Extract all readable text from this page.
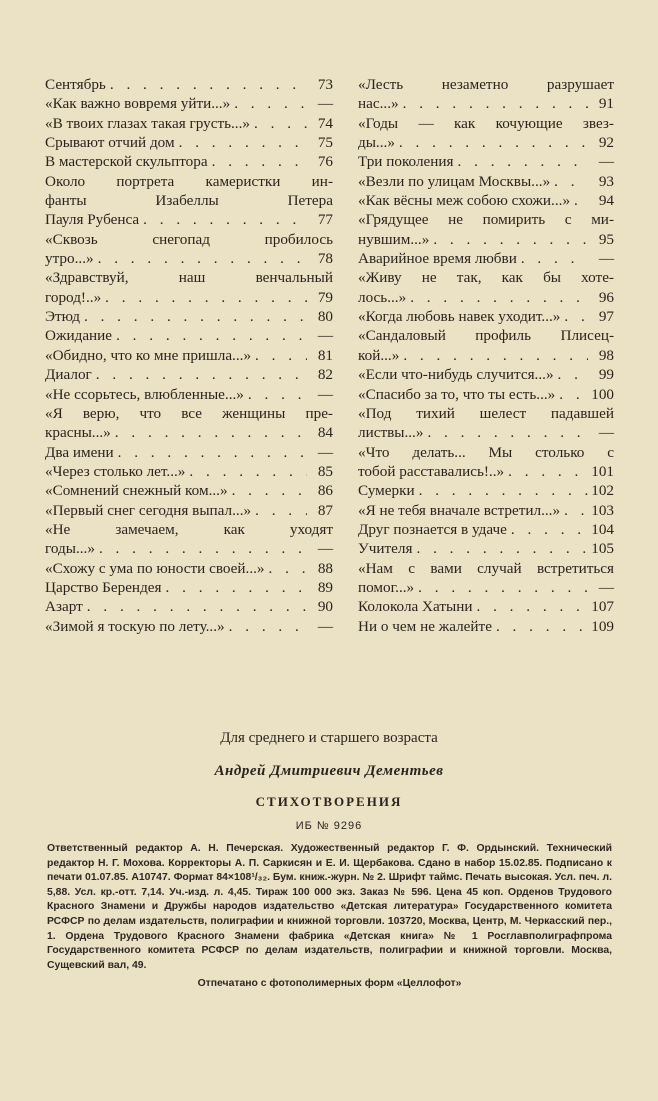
Сентябрь . . .	73
«Как важно вовремя уйти...» . . .	—
«В твоих глазах такая грусть...» . . .	74
Срывают отчий дом . . .	75
В мастерской скульптора . . .	76
Около портрета камеристки ин-
фанты Изабеллы Петера
Пауля Рубенса . . .	77
«Сквозь снегопад пробилось
утро...» . . .	78
«Здравствуй, наш венчальный
город!..» . . .	79
Этюд . . .	80
Ожидание . . .	—
«Обидно, что ко мне пришла...» . . .	81
Диалог . . .	82
«Не ссорьтесь, влюбленные...» . . .	—
«Я верю, что все женщины пре-
красны...» . . .	84
Два имени . . .	—
«Через столько лет...» . . .	85
«Сомнений снежный ком...» . . .	86
«Первый снег сегодня выпал...» . . .	87
«Не замечаем, как уходят
годы...» . . .	—
«Схожу с ума по юности своей...» . . .	88
Царство Берендея . . .	89
Азарт . . .	90
«Зимой я тоскую по лету...» . . .	—
«Лесть незаметно разрушает
нас...» . . .	91
«Годы — как кочующие звез-
ды...» . . .	92
Три поколения . . .	—
«Везли по улицам Москвы...» . . .	93
«Как вёсны меж собою схожи...» . . .	94
«Грядущее не помирить с ми-
нувшим...» . . .	95
Аварийное время любви . . .	—
«Живу не так, как бы хоте-
лось...» . . .	96
«Когда любовь навек уходит...» . . .	97
«Сандаловый профиль Плисец-
кой...» . . .	98
«Если что-нибудь случится...» . . .	99
«Спасибо за то, что ты есть...» . . . 100
«Под тихий шелест падавшей
листвы...» . . .	—
«Что делать... Мы столько с
тобой расставались!..» . . .	101
Сумерки . . .	102
«Я не тебя вначале встретил...» . . . 103
Друг познается в удаче . . .	104
Учителя . . .	105
«Нам с вами случай встретиться
помог...» . . .	—
Колокола Хатыни . . .	107
Ни о чем не жалейте . . .	109
Для среднего и старшего возраста
Андрей Дмитриевич Дементьев
СТИХОТВОРЕНИЯ
ИБ № 9296
Ответственный редактор А. Н. Печерская. Художественный редактор Г. Ф. Ордынский. Технический редактор Н. Г. Мохова. Корректоры А. П. Саркисян и Е. И. Щербакова. Сдано в набор 15.02.85. Подписано к печати 01.07.85. А10747. Формат 84×108¹/₃₂. Бум. книж.-журн. № 2. Шрифт таймс. Печать высокая. Усл. печ. л. 5,88. Усл. кр.-отт. 7,14. Уч.-изд. л. 4,45. Тираж 100 000 экз. Заказ № 596. Цена 45 коп. Орденов Трудового Красного Знамени и Дружбы народов издательство «Детская литература» Государственного комитета РСФСР по делам издательств, полиграфии и книжной торговли. 103720, Москва, Центр, М. Черкасский пер., 1. Ордена Трудового Красного Знамени фабрика «Детская книга» № 1 Росглавполиграфпрома Государственного комитета РСФСР по делам издательств, полиграфии и книжной торговли. Москва, Сущевский вал, 49.
Отпечатано с фотополимерных форм «Целлофот»
